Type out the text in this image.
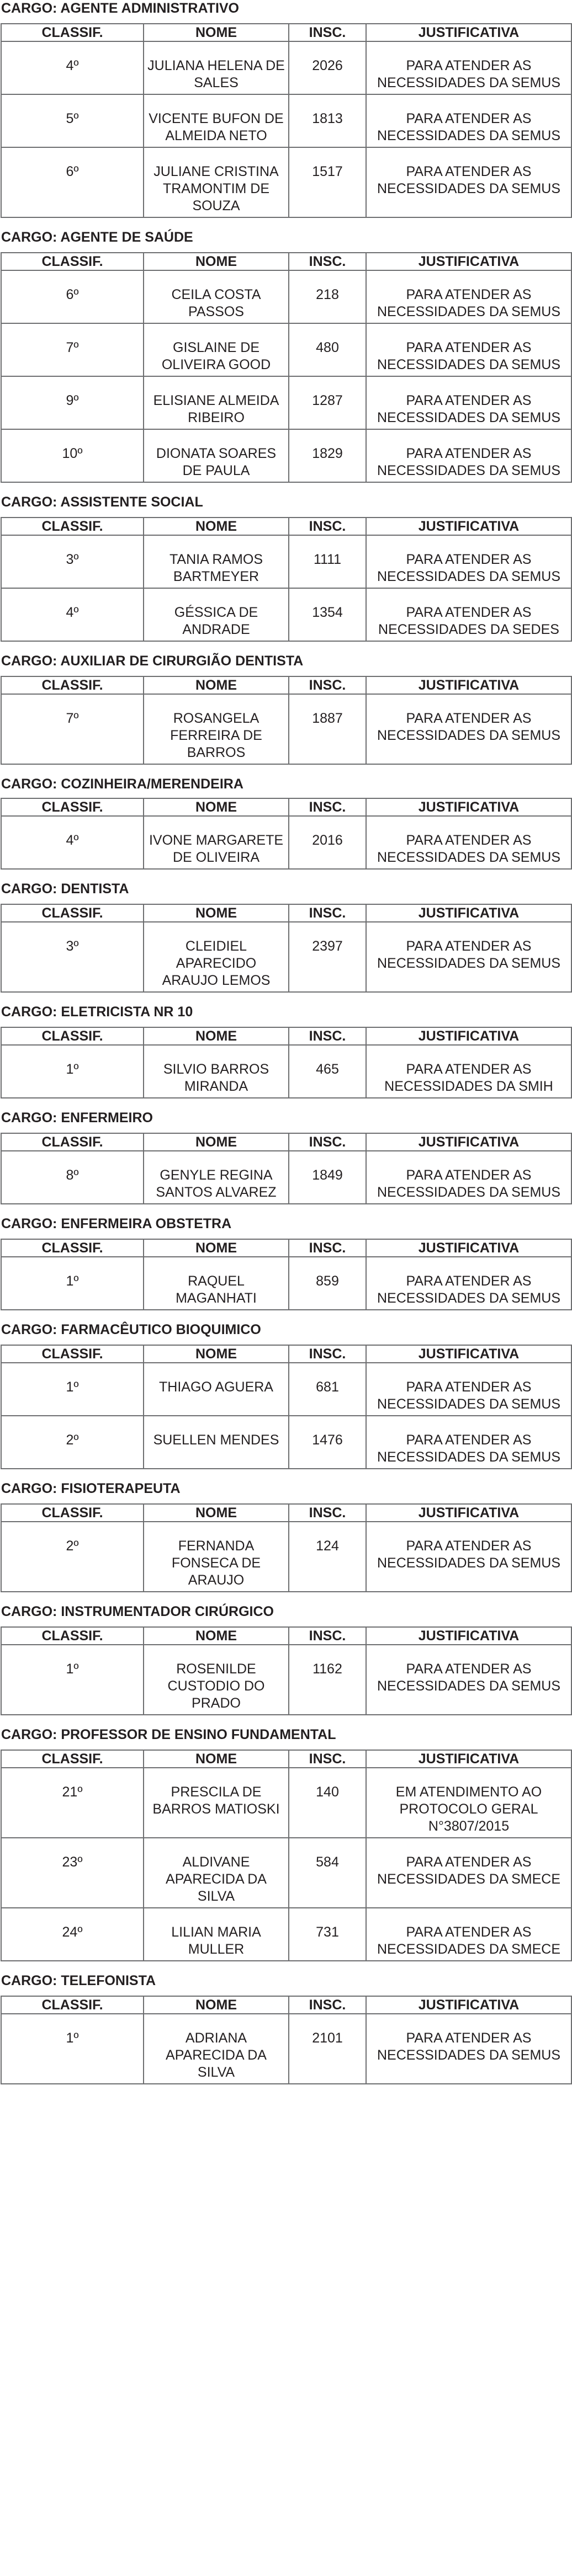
CARGO: AGENTE ADMINISTRATIVO
CLASSIF.	NOME	INSC.	JUSTIFICATIVA
4º	JULIANA HELENA DE SALES	2026	PARA ATENDER AS NECESSIDADES DA SEMUS
5º	VICENTE BUFON DE ALMEIDA NETO	1813	PARA ATENDER AS NECESSIDADES DA SEMUS
6º	JULIANE CRISTINA TRAMONTIM DE SOUZA	1517	PARA ATENDER AS NECESSIDADES DA SEMUS
CARGO: AGENTE DE SAÚDE
CLASSIF.	NOME	INSC.	JUSTIFICATIVA
6º	CEILA COSTA PASSOS	218	PARA ATENDER AS NECESSIDADES DA SEMUS
7º	GISLAINE DE OLIVEIRA GOOD	480	PARA ATENDER AS NECESSIDADES DA SEMUS
9º	ELISIANE ALMEIDA RIBEIRO	1287	PARA ATENDER AS NECESSIDADES DA SEMUS
10º	DIONATA SOARES DE PAULA	1829	PARA ATENDER AS NECESSIDADES DA SEMUS
CARGO: ASSISTENTE SOCIAL
CLASSIF.	NOME	INSC.	JUSTIFICATIVA
3º	TANIA RAMOS BARTMEYER	1111	PARA ATENDER AS NECESSIDADES DA SEMUS
4º	GÉSSICA DE ANDRADE	1354	PARA ATENDER AS NECESSIDADES DA SEDES
CARGO: AUXILIAR DE CIRURGIÃO DENTISTA
CLASSIF.	NOME	INSC.	JUSTIFICATIVA
7º	ROSANGELA FERREIRA DE BARROS	1887	PARA ATENDER AS NECESSIDADES DA SEMUS
CARGO: COZINHEIRA/MERENDEIRA
CLASSIF.	NOME	INSC.	JUSTIFICATIVA
4º	IVONE MARGARETE DE OLIVEIRA	2016	PARA ATENDER AS NECESSIDADES DA SEMUS
CARGO: DENTISTA
CLASSIF.	NOME	INSC.	JUSTIFICATIVA
3º	CLEIDIEL APARECIDO ARAUJO LEMOS	2397	PARA ATENDER AS NECESSIDADES DA SEMUS
CARGO: ELETRICISTA NR 10
CLASSIF.	NOME	INSC.	JUSTIFICATIVA
1º	SILVIO BARROS MIRANDA	465	PARA ATENDER AS NECESSIDADES DA SMIH
CARGO: ENFERMEIRO
CLASSIF.	NOME	INSC.	JUSTIFICATIVA
8º	GENYLE REGINA SANTOS ALVAREZ	1849	PARA ATENDER AS NECESSIDADES DA SEMUS
CARGO: ENFERMEIRA OBSTETRA
CLASSIF.	NOME	INSC.	JUSTIFICATIVA
1º	RAQUEL MAGANHATI	859	PARA ATENDER AS NECESSIDADES DA SEMUS
CARGO: FARMACÊUTICO BIOQUIMICO
CLASSIF.	NOME	INSC.	JUSTIFICATIVA
1º	THIAGO AGUERA	681	PARA ATENDER AS NECESSIDADES DA SEMUS
2º	SUELLEN MENDES	1476	PARA ATENDER AS NECESSIDADES DA SEMUS
CARGO: FISIOTERAPEUTA
CLASSIF.	NOME	INSC.	JUSTIFICATIVA
2º	FERNANDA FONSECA DE ARAUJO	124	PARA ATENDER AS NECESSIDADES DA SEMUS
CARGO: INSTRUMENTADOR CIRÚRGICO
CLASSIF.	NOME	INSC.	JUSTIFICATIVA
1º	ROSENILDE CUSTODIO DO PRADO	1162	PARA ATENDER AS NECESSIDADES DA SEMUS
CARGO: PROFESSOR DE ENSINO FUNDAMENTAL
CLASSIF.	NOME	INSC.	JUSTIFICATIVA
21º	PRESCILA DE BARROS MATIOSKI	140	EM ATENDIMENTO AO PROTOCOLO GERAL N°3807/2015
23º	ALDIVANE APARECIDA DA SILVA	584	PARA ATENDER AS NECESSIDADES DA SMECE
24º	LILIAN MARIA MULLER	731	PARA ATENDER AS NECESSIDADES DA SMECE
CARGO: TELEFONISTA
CLASSIF.	NOME	INSC.	JUSTIFICATIVA
1º	ADRIANA APARECIDA DA SILVA	2101	PARA ATENDER AS NECESSIDADES DA SEMUS
